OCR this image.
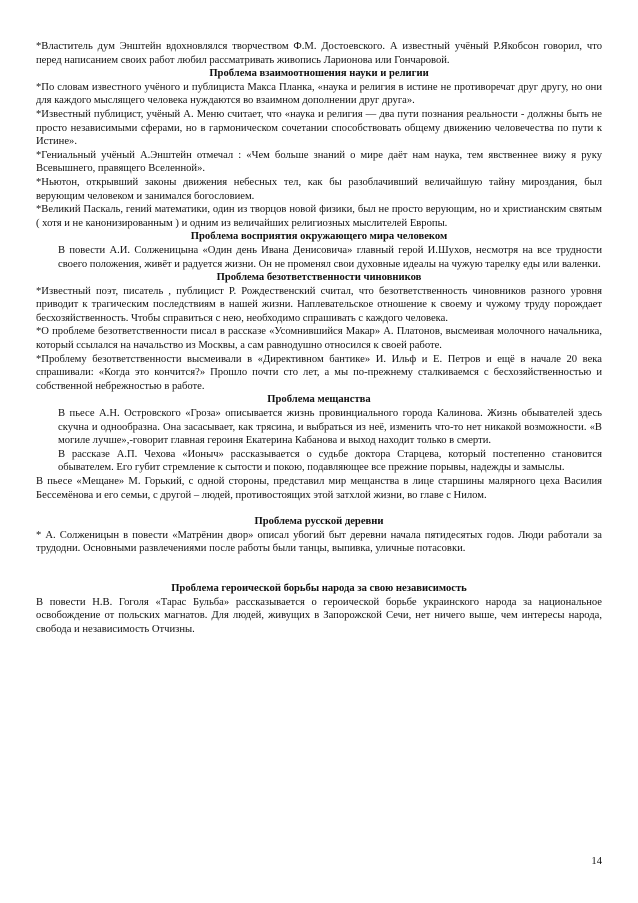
*Властитель дум Энштейн вдохновлялся творчеством Ф.М. Достоевского. А известный учёный Р.Якобсон говорил, что перед написанием своих работ любил рассматривать живопись Ларионова или Гончаровой.

Проблема взаимоотношения науки и религии

*По словам известного учёного и публициста Макса Планка, «наука и религия в истине не противоречат друг другу, но они для каждого мыслящего человека нуждаются во взаимном дополнении друг друга».

*Известный публицист, учёный А. Меню считает, что «наука и религия — два пути познания реальности - должны быть не просто независимыми сферами, но в гармоническом сочетании способствовать общему движению человечества по пути к Истине».

*Гениальный учёный А.Энштейн отмечал : «Чем больше знаний о мире даёт нам наука, тем явственнее вижу я руку Всевышнего, правящего Вселенной».

*Ньютон, открывший законы движения небесных тел, как бы разоблачивший величайшую тайну мироздания, был верующим человеком и занимался богословием.

*Великий Паскаль, гений математики, один из творцов новой физики, был не просто верующим, но и христианским святым ( хотя и не канонизированным ) и одним из величайших религиозных мыслителей Европы.

Проблема восприятия окружающего мира человеком

В повести А.И. Солженицына «Один день Ивана Денисовича» главный герой И.Шухов, несмотря на все трудности своего положения, живёт и радуется жизни. Он не променял свои духовные идеалы на чужую тарелку еды или валенки.

Проблема безответственности чиновников

*Известный поэт, писатель , публицист Р. Рождественский считал, что безответственность чиновников разного уровня приводит к трагическим последствиям в нашей жизни. Наплевательское отношение к своему и чужому труду порождает бесхозяйственность. Чтобы справиться с нею, необходимо спрашивать с каждого человека.

*О проблеме безответственности писал в рассказе «Усомнившийся Макар» А. Платонов, высмеивая молочного начальника, который ссылался на начальство из Москвы, а сам равнодушно относился к своей работе.

*Проблему безответственности высмеивали в «Директивном бантике» И. Ильф и Е. Петров и ещё в начале 20 века спрашивали: «Когда это кончится?» Прошло почти сто лет, а мы по-прежнему сталкиваемся с бесхозяйственностью и собственной небрежностью в работе.

Проблема мещанства

В пьесе А.Н. Островского «Гроза» описывается жизнь провинциального города Калинова. Жизнь обывателей здесь скучна и однообразна. Она засасывает, как трясина, и выбраться из неё, изменить что-то нет никакой возможности. «В могиле лучше»,-говорит главная героиня Екатерина Кабанова и выход находит только в смерти.

В рассказе А.П. Чехова «Ионыч» рассказывается о судьбе доктора Старцева, который постепенно становится обывателем. Его губит стремление к сытости и покою, подавляющее все прежние порывы, надежды и замыслы.

В пьесе «Мещане» М. Горький, с одной стороны, представил мир мещанства в лице старшины малярного цеха Василия Бессемёнова и его семьи, с другой – людей, противостоящих этой затхлой жизни, во главе с Нилом.

Проблема русской деревни

* А. Солженицын в повести «Матрёнин двор» описал убогий быт деревни начала пятидесятых годов. Люди работали за трудодни. Основными развлечениями после работы были танцы, выпивка, уличные потасовки.

Проблема героической борьбы народа за свою независимость

В повести Н.В. Гоголя «Тарас Бульба» рассказывается о героической борьбе украинского народа за национальное освобождение от польских магнатов. Для людей, живущих в Запорожской Сечи, нет ничего выше, чем интересы народа, свобода и независимость Отчизны.

14
